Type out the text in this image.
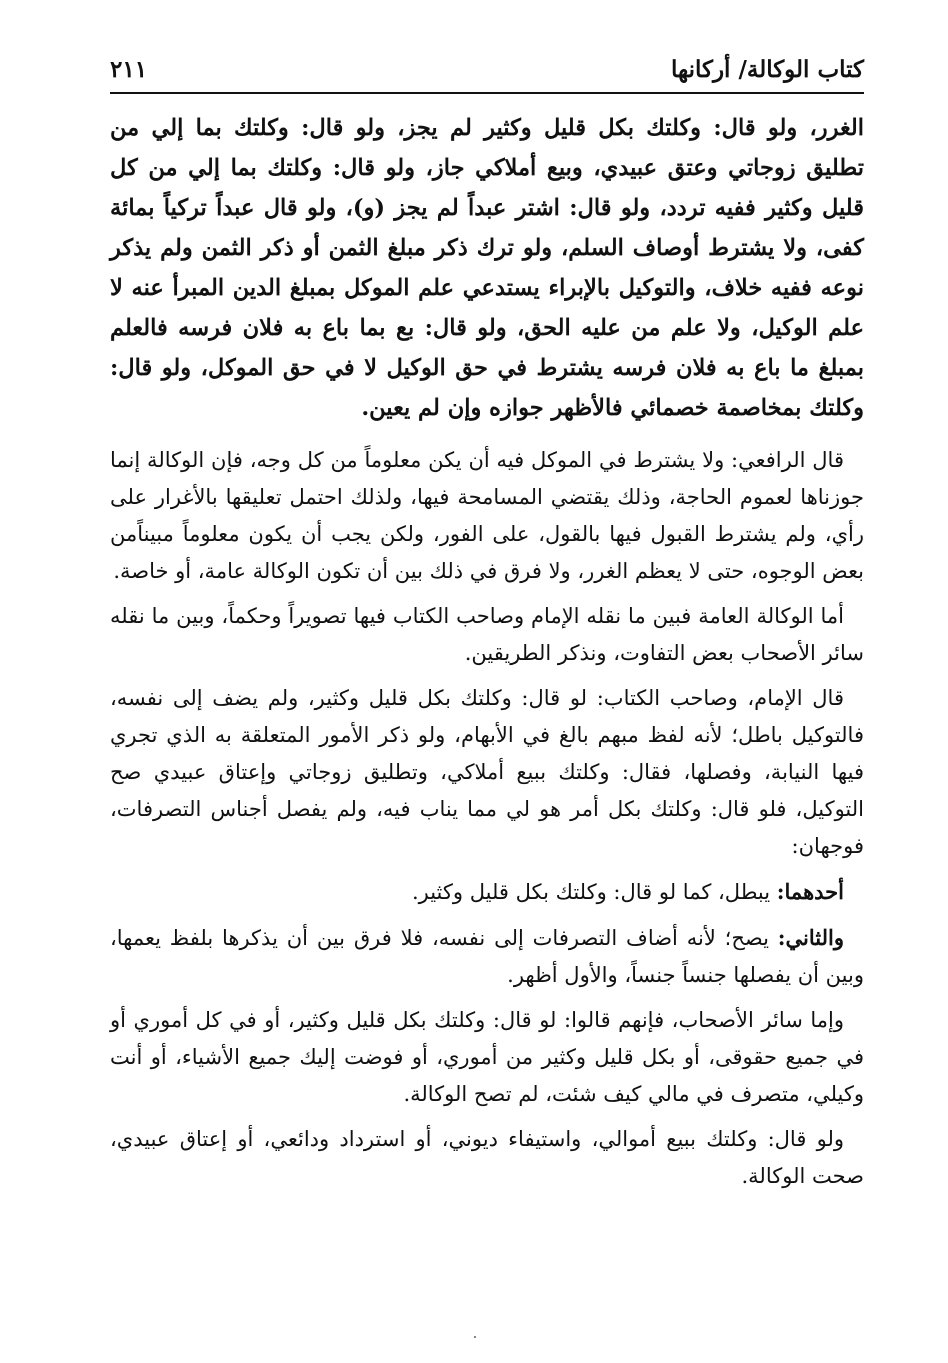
كتاب الوكالة/ أركانها
٢١١

الغرر، ولو قال: وكلتك بكل قليل وكثير لم يجز، ولو قال: وكلتك بما إلي من تطليق زوجاتي وعتق عبيدي، وبيع أملاكي جاز، ولو قال: وكلتك بما إلي من كل قليل وكثير ففيه تردد، ولو قال: اشتر عبداً لم يجز (و)، ولو قال عبداً تركياً بمائة كفى، ولا يشترط أوصاف السلم، ولو ترك ذكر مبلغ الثمن أو ذكر الثمن ولم يذكر نوعه ففيه خلاف، والتوكيل بالإبراء يستدعي علم الموكل بمبلغ الدين المبرأ عنه لا علم الوكيل، ولا علم من عليه الحق، ولو قال: بع بما باع به فلان فرسه فالعلم بمبلغ ما باع به فلان فرسه يشترط في حق الوكيل لا في حق الموكل، ولو قال: وكلتك بمخاصمة خصمائي فالأظهر جوازه وإن لم يعين.

قال الرافعي: ولا يشترط في الموكل فيه أن يكن معلوماً من كل وجه، فإن الوكالة إنما جوزناها لعموم الحاجة، وذلك يقتضي المسامحة فيها، ولذلك احتمل تعليقها بالأغرار على رأي، ولم يشترط القبول فيها بالقول، على الفور، ولكن يجب أن يكون معلوماً مبيناًمن بعض الوجوه، حتى لا يعظم الغرر، ولا فرق في ذلك بين أن تكون الوكالة عامة، أو خاصة.

أما الوكالة العامة فبين ما نقله الإمام وصاحب الكتاب فيها تصويراً وحكماً، وبين ما نقله سائر الأصحاب بعض التفاوت، ونذكر الطريقين.

قال الإمام، وصاحب الكتاب: لو قال: وكلتك بكل قليل وكثير، ولم يضف إلى نفسه، فالتوكيل باطل؛ لأنه لفظ مبهم بالغ في الأبهام، ولو ذكر الأمور المتعلقة به الذي تجري فيها النيابة، وفصلها، فقال: وكلتك ببيع أملاكي، وتطليق زوجاتي وإعتاق عبيدي صح التوكيل، فلو قال: وكلتك بكل أمر هو لي مما يناب فيه، ولم يفصل أجناس التصرفات، فوجهان:

أحدهما: يبطل، كما لو قال: وكلتك بكل قليل وكثير.

والثاني: يصح؛ لأنه أضاف التصرفات إلى نفسه، فلا فرق بين أن يذكرها بلفظ يعمها، وبين أن يفصلها جنساً جنساً، والأول أظهر.

وإما سائر الأصحاب، فإنهم قالوا: لو قال: وكلتك بكل قليل وكثير، أو في كل أموري أو في جميع حقوقى، أو بكل قليل وكثير من أموري، أو فوضت إليك جميع الأشياء، أو أنت وكيلي، متصرف في مالي كيف شئت، لم تصح الوكالة.

ولو قال: وكلتك ببيع أموالي، واستيفاء ديوني، أو استرداد ودائعي، أو إعتاق عبيدي، صحت الوكالة.
